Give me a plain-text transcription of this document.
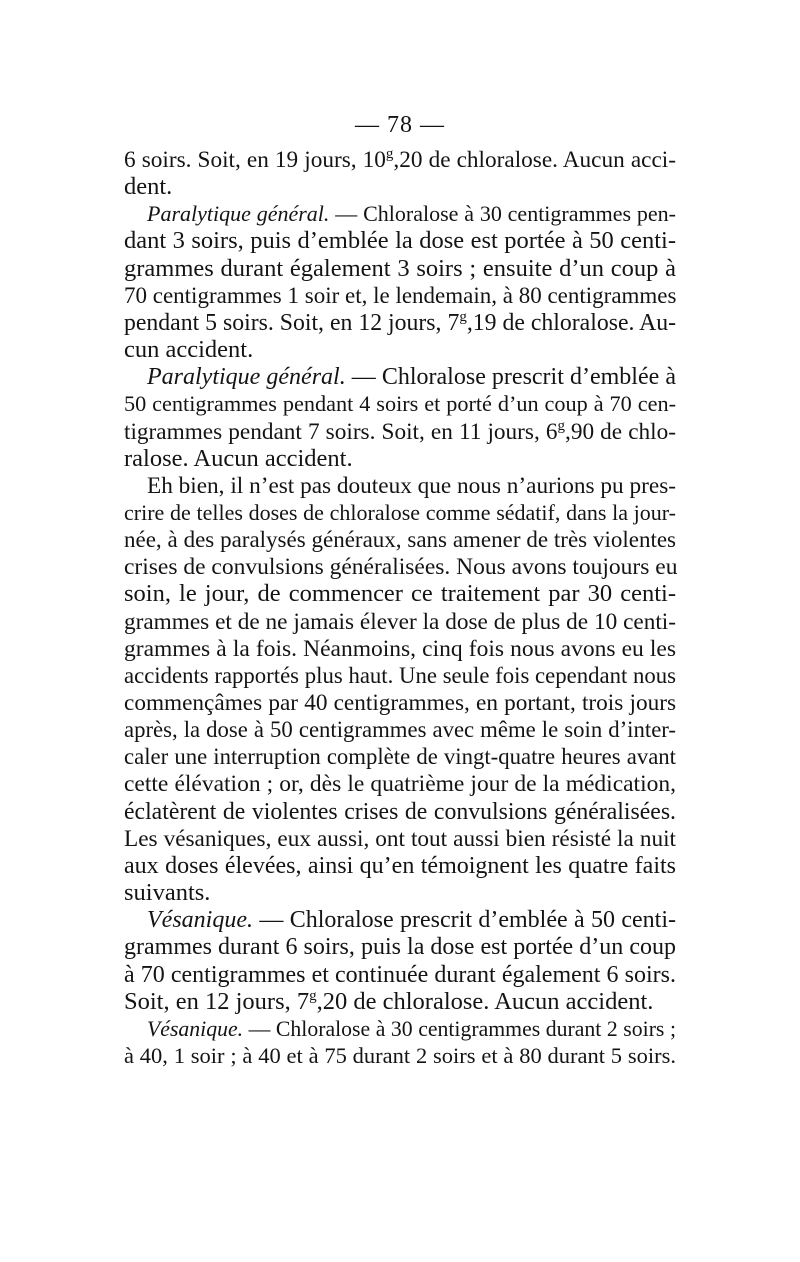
— 78 —
6 soirs. Soit, en 19 jours, 10$^g$,20 de chloralose. Aucun acci-
dent.
Paralytique général. — Chloralose à 30 centigrammes pen-
dant 3 soirs, puis d’emblée la dose est portée à 50 centi-
grammes durant également 3 soirs ; ensuite d’un coup à
70 centigrammes 1 soir et, le lendemain, à 80 centigrammes
pendant 5 soirs. Soit, en 12 jours, 7$^g$,19 de chloralose. Au-
cun accident.
Paralytique général. — Chloralose prescrit d’emblée à
50 centigrammes pendant 4 soirs et porté d’un coup à 70 cen-
tigrammes pendant 7 soirs. Soit, en 11 jours, 6$^g$,90 de chlo-
ralose. Aucun accident.
Eh bien, il n’est pas douteux que nous n’aurions pu pres-
crire de telles doses de chloralose comme sédatif, dans la jour-
née, à des paralysés généraux, sans amener de très violentes
crises de convulsions généralisées. Nous avons toujours eu
soin, le jour, de commencer ce traitement par 30 centi-
grammes et de ne jamais élever la dose de plus de 10 centi-
grammes à la fois. Néanmoins, cinq fois nous avons eu les
accidents rapportés plus haut. Une seule fois cependant nous
commençâmes par 40 centigrammes, en portant, trois jours
après, la dose à 50 centigrammes avec même le soin d’inter-
caler une interruption complète de vingt-quatre heures avant
cette élévation ; or, dès le quatrième jour de la médication,
éclatèrent de violentes crises de convulsions généralisées.
Les vésaniques, eux aussi, ont tout aussi bien résisté la nuit
aux doses élevées, ainsi qu’en témoignent les quatre faits
suivants.
Vésanique. — Chloralose prescrit d’emblée à 50 centi-
grammes durant 6 soirs, puis la dose est portée d’un coup
à 70 centigrammes et continuée durant également 6 soirs.
Soit, en 12 jours, 7$^g$,20 de chloralose. Aucun accident.
Vésanique. — Chloralose à 30 centigrammes durant 2 soirs ;
à 40, 1 soir ; à 40 et à 75 durant 2 soirs et à 80 durant 5 soirs.
